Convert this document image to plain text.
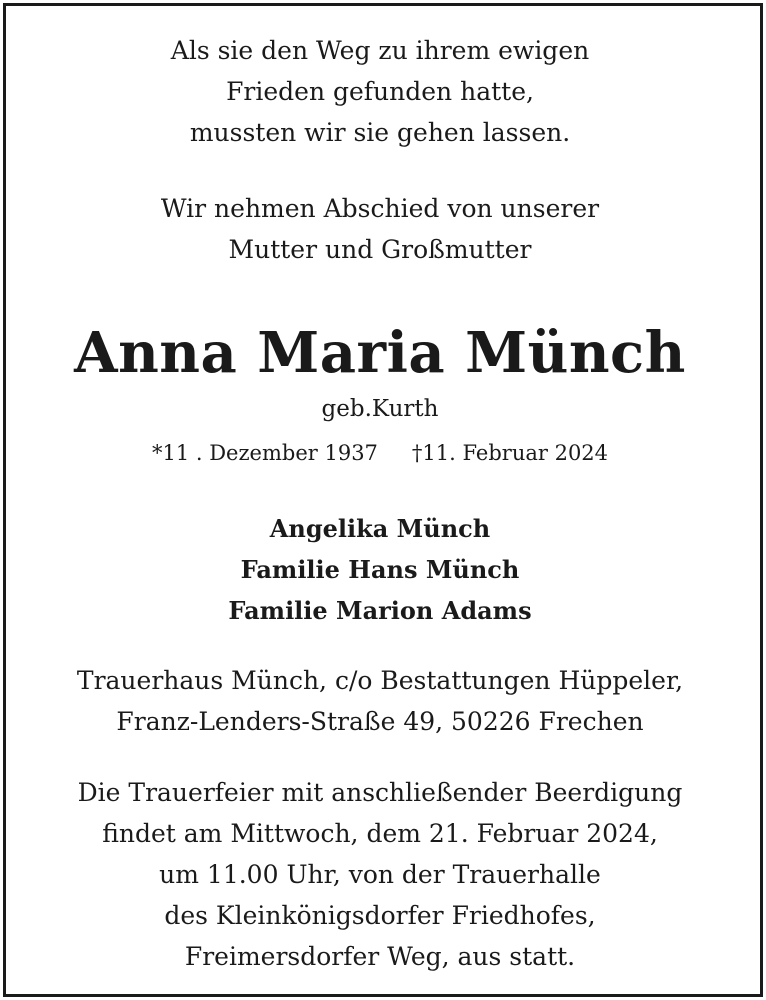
Als sie den Weg zu ihrem ewigen
Frieden gefunden hatte,
mussten wir sie gehen lassen.
Wir nehmen Abschied von unserer
Mutter und Großmutter
Anna Maria Münch
geb.Kurth
*11 . Dezember 1937 †11. Februar 2024
Angelika Münch
Familie Hans Münch
Familie Marion Adams
Trauerhaus Münch, c/o Bestattungen Hüppeler,
Franz-Lenders-Straße 49, 50226 Frechen
Die Trauerfeier mit anschließender Beerdigung
findet am Mittwoch, dem 21. Februar 2024,
um 11.00 Uhr, von der Trauerhalle
des Kleinkönigsdorfer Friedhofes,
Freimersdorfer Weg, aus statt.
